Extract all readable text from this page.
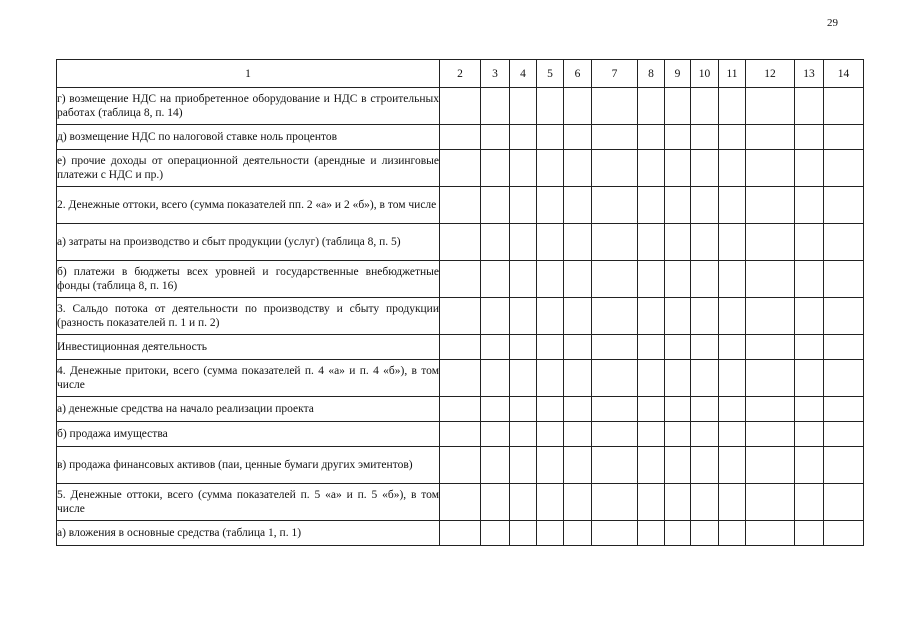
29
1	2	3	4	5	6	7	8	9	10	11	12	13	14
г) возмещение НДС на приобретенное оборудование и НДС в строительных работах (таблица 8, п. 14)													
д) возмещение НДС по налоговой ставке ноль процентов													
е) прочие доходы от операционной деятельности (арендные и лизинговые платежи с НДС и пр.)													
2. Денежные оттоки, всего (сумма показателей пп. 2 «а» и 2 «б»), в том числе													
а) затраты на производство и сбыт продукции (услуг) (таблица 8, п. 5)													
б) платежи в бюджеты всех уровней и государственные внебюджетные фонды (таблица 8, п. 16)													
3. Сальдо потока от деятельности по производству и сбыту продукции (разность показателей п. 1 и п. 2)													
Инвестиционная деятельность													
4. Денежные притоки, всего (сумма показателей п. 4 «а» и п. 4 «б»), в том числе													
а) денежные средства на начало реализации проекта													
б) продажа имущества													
в) продажа финансовых активов (паи, ценные бумаги других эмитентов)													
5. Денежные оттоки, всего (сумма показателей п. 5 «а» и п. 5 «б»), в том числе													
а) вложения в основные средства (таблица 1, п. 1)													
